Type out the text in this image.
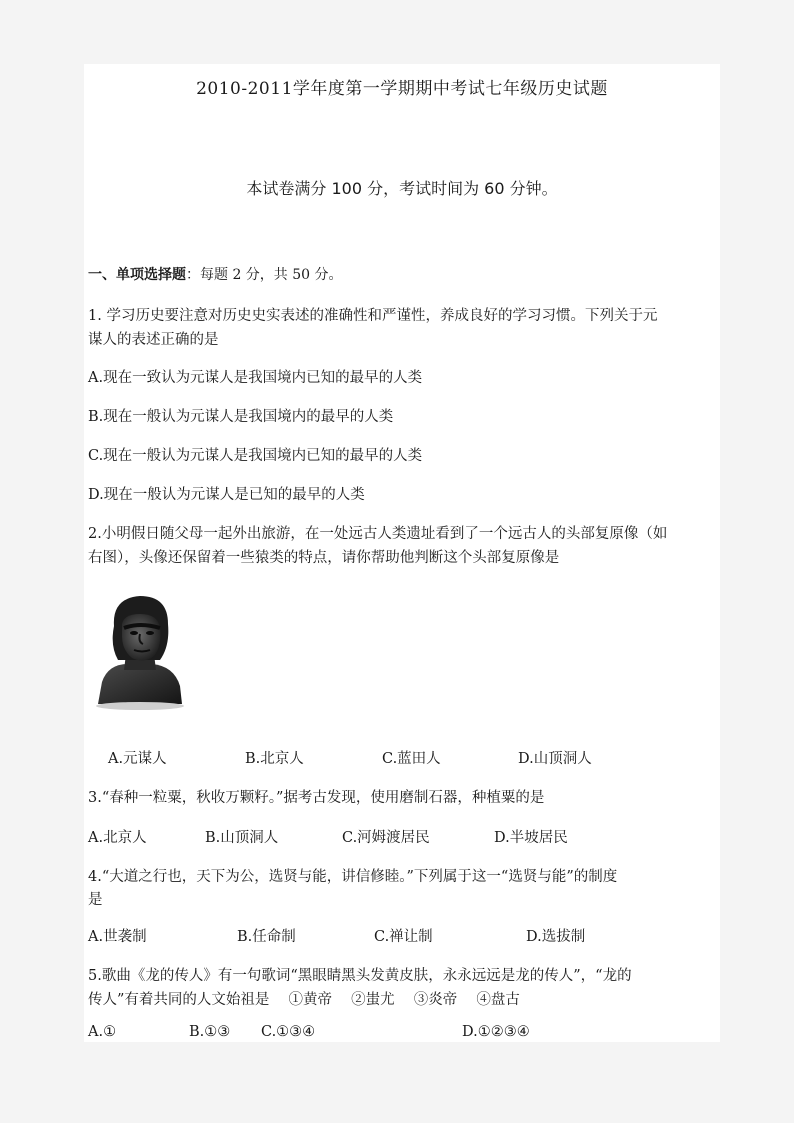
2010-2011学年度第一学期期中考试七年级历史试题
本试卷满分 100 分，考试时间为 60 分钟。
一、单项选择题：每题 2 分，共 50 分。
1. 学习历史要注意对历史史实表述的准确性和严谨性，养成良好的学习习惯。下列关于元
谋人的表述正确的是
A.现在一致认为元谋人是我国境内已知的最早的人类
B.现在一般认为元谋人是我国境内的最早的人类
C.现在一般认为元谋人是我国境内已知的最早的人类
D.现在一般认为元谋人是已知的最早的人类
2.小明假日随父母一起外出旅游，在一处远古人类遗址看到了一个远古人的头部复原像（如
右图），头像还保留着一些猿类的特点，请你帮助他判断这个头部复原像是
A.元谋人	B.北京人	C.蓝田人	D.山顶洞人
3.“春种一粒粟，秋收万颗籽。”据考古发现，使用磨制石器，种植粟的是
A.北京人	B.山顶洞人	C.河姆渡居民	D.半坡居民
4.“大道之行也，天下为公，选贤与能，讲信修睦。”下列属于这一“选贤与能”的制度
是
A.世袭制	B.任命制	C.禅让制	D.选拔制
5.歌曲《龙的传人》有一句歌词“黑眼睛黑头发黄皮肤，永永远远是龙的传人”，“龙的
传人”有着共同的人文始祖是　 ①黄帝　 ②蚩尤　 ③炎帝　 ④盘古
A.①	B.①③ C.①③④	D.①②③④
